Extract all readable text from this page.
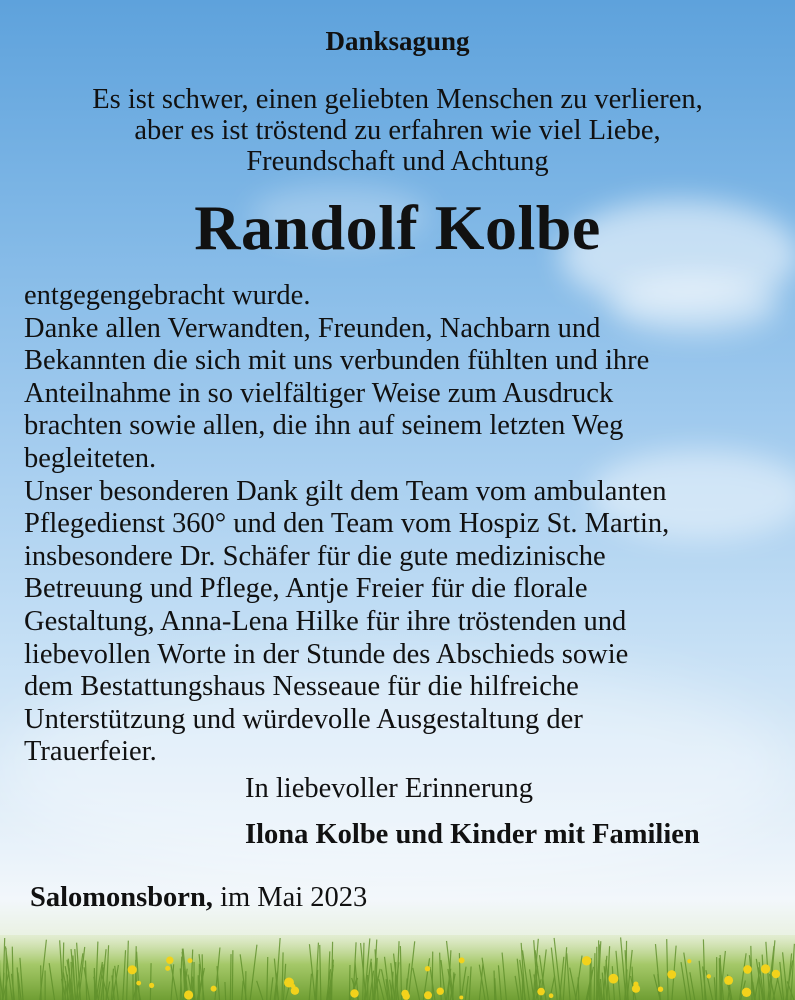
Danksagung
Es ist schwer, einen geliebten Menschen zu verlieren,
aber es ist tröstend zu erfahren wie viel Liebe,
Freundschaft und Achtung
Randolf Kolbe
entgegengebracht wurde.
Danke allen Verwandten, Freunden, Nachbarn und
Bekannten die sich mit uns verbunden fühlten und ihre
Anteilnahme in so vielfältiger Weise zum Ausdruck
brachten sowie allen, die ihn auf seinem letzten Weg
begleiteten.
Unser besonderen Dank gilt dem Team vom ambulanten
Pflegedienst 360° und den Team vom Hospiz St. Martin,
insbesondere Dr. Schäfer für die gute medizinische
Betreuung und Pflege, Antje Freier für die florale
Gestaltung, Anna-Lena Hilke für ihre tröstenden und
liebevollen Worte in der Stunde des Abschieds sowie
dem Bestattungshaus Nesseaue für die hilfreiche
Unterstützung und würdevolle Ausgestaltung der
Trauerfeier.
In liebevoller Erinnerung
Ilona Kolbe und Kinder mit Familien
Salomonsborn, im Mai 2023
